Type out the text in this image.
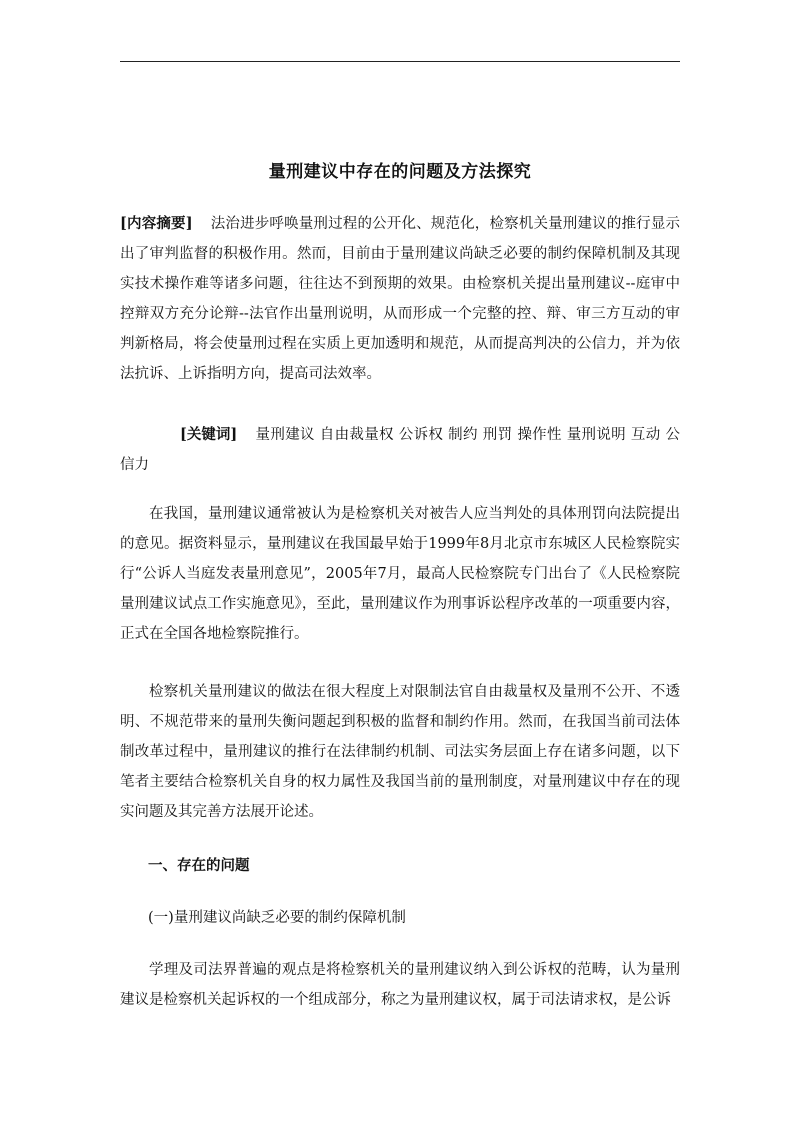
量刑建议中存在的问题及方法探究

[内容摘要] 法治进步呼唤量刑过程的公开化、规范化，检察机关量刑建议的推行显示出了审判监督的积极作用。然而，目前由于量刑建议尚缺乏必要的制约保障机制及其现实技术操作难等诸多问题，往往达不到预期的效果。由检察机关提出量刑建议--庭审中控辩双方充分论辩--法官作出量刑说明，从而形成一个完整的控、辩、审三方互动的审判新格局，将会使量刑过程在实质上更加透明和规范，从而提高判决的公信力，并为依法抗诉、上诉指明方向，提高司法效率。

[关键词] 量刑建议 自由裁量权 公诉权 制约 刑罚 操作性 量刑说明 互动 公信力

在我国，量刑建议通常被认为是检察机关对被告人应当判处的具体刑罚向法院提出的意见。据资料显示，量刑建议在我国最早始于1999年8月北京市东城区人民检察院实行“公诉人当庭发表量刑意见”，2005年7月，最高人民检察院专门出台了《人民检察院量刑建议试点工作实施意见》，至此，量刑建议作为刑事诉讼程序改革的一项重要内容，正式在全国各地检察院推行。

检察机关量刑建议的做法在很大程度上对限制法官自由裁量权及量刑不公开、不透明、不规范带来的量刑失衡问题起到积极的监督和制约作用。然而，在我国当前司法体制改革过程中，量刑建议的推行在法律制约机制、司法实务层面上存在诸多问题，以下笔者主要结合检察机关自身的权力属性及我国当前的量刑制度，对量刑建议中存在的现实问题及其完善方法展开论述。

一、存在的问题

(一)量刑建议尚缺乏必要的制约保障机制

学理及司法界普遍的观点是将检察机关的量刑建议纳入到公诉权的范畴，认为量刑建议是检察机关起诉权的一个组成部分，称之为量刑建议权，属于司法请求权，是公诉
